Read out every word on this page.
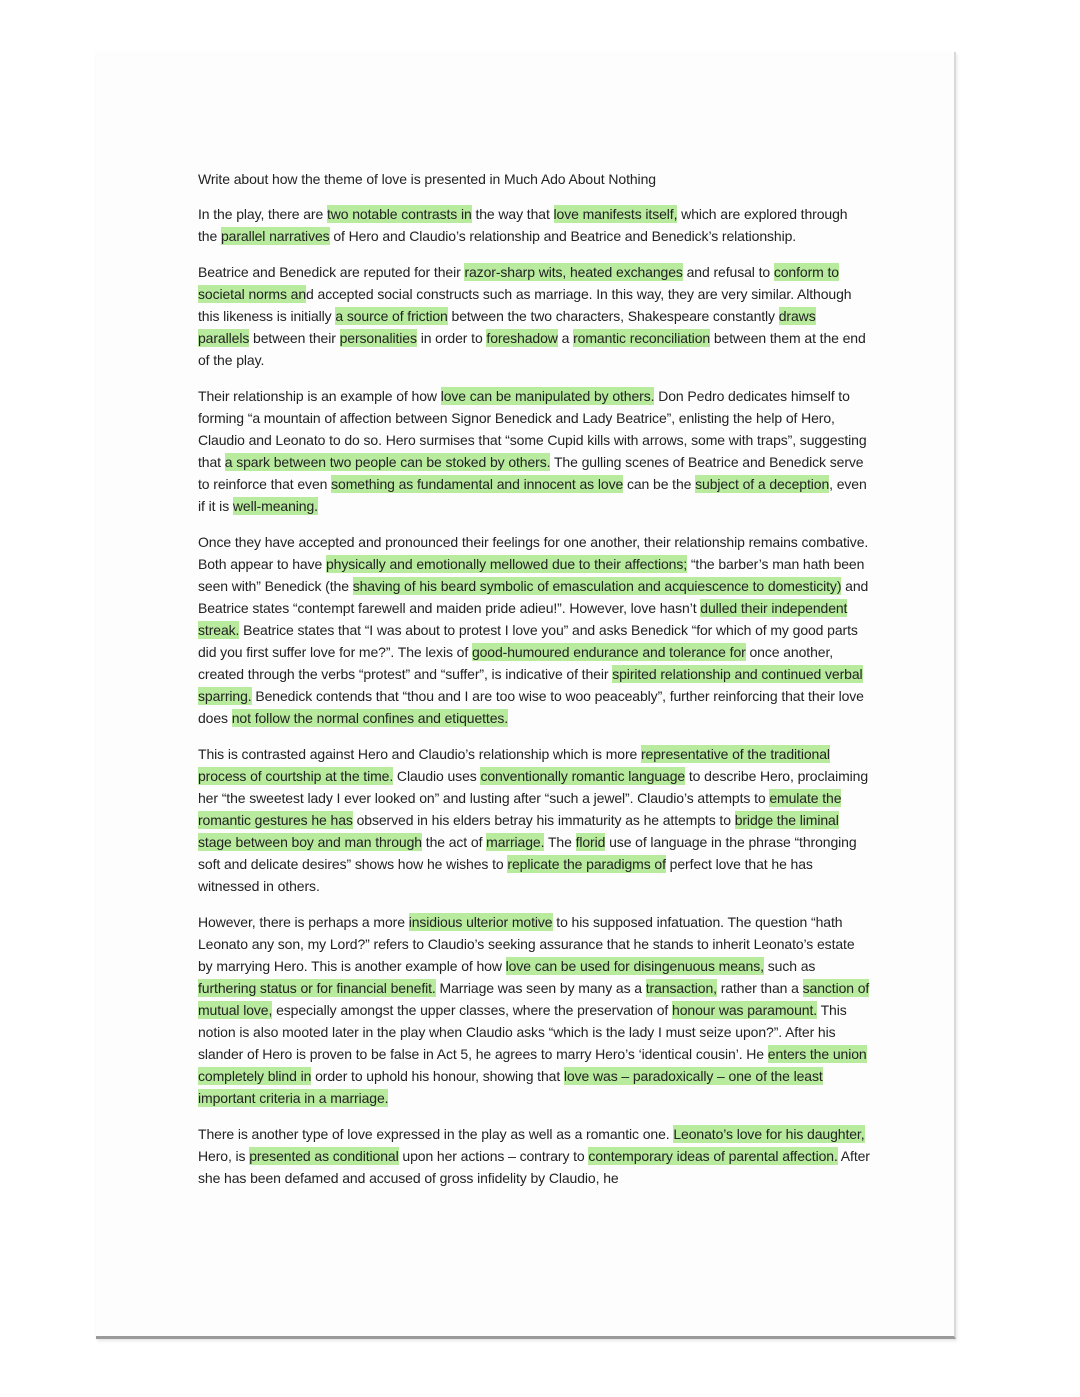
Write about how the theme of love is presented in Much Ado About Nothing

In the play, there are two notable contrasts in the way that love manifests itself, which are explored through the parallel narratives of Hero and Claudio’s relationship and Beatrice and Benedick’s relationship.

Beatrice and Benedick are reputed for their razor-sharp wits, heated exchanges and refusal to conform to societal norms and accepted social constructs such as marriage. In this way, they are very similar. Although this likeness is initially a source of friction between the two characters, Shakespeare constantly draws parallels between their personalities in order to foreshadow a romantic reconciliation between them at the end of the play.

Their relationship is an example of how love can be manipulated by others. Don Pedro dedicates himself to forming “a mountain of affection between Signor Benedick and Lady Beatrice”, enlisting the help of Hero, Claudio and Leonato to do so. Hero surmises that “some Cupid kills with arrows, some with traps”, suggesting that a spark between two people can be stoked by others. The gulling scenes of Beatrice and Benedick serve to reinforce that even something as fundamental and innocent as love can be the subject of a deception, even if it is well-meaning.

Once they have accepted and pronounced their feelings for one another, their relationship remains combative. Both appear to have physically and emotionally mellowed due to their affections; “the barber’s man hath been seen with” Benedick (the shaving of his beard symbolic of emasculation and acquiescence to domesticity) and Beatrice states “contempt farewell and maiden pride adieu!”. However, love hasn’t dulled their independent streak. Beatrice states that “I was about to protest I love you” and asks Benedick “for which of my good parts did you first suffer love for me?”. The lexis of good-humoured endurance and tolerance for once another, created through the verbs “protest” and “suffer”, is indicative of their spirited relationship and continued verbal sparring. Benedick contends that “thou and I are too wise to woo peaceably”, further reinforcing that their love does not follow the normal confines and etiquettes.

This is contrasted against Hero and Claudio’s relationship which is more representative of the traditional process of courtship at the time. Claudio uses conventionally romantic language to describe Hero, proclaiming her “the sweetest lady I ever looked on” and lusting after “such a jewel”. Claudio’s attempts to emulate the romantic gestures he has observed in his elders betray his immaturity as he attempts to bridge the liminal stage between boy and man through the act of marriage. The florid use of language in the phrase “thronging soft and delicate desires” shows how he wishes to replicate the paradigms of perfect love that he has witnessed in others.

However, there is perhaps a more insidious ulterior motive to his supposed infatuation. The question “hath Leonato any son, my Lord?” refers to Claudio’s seeking assurance that he stands to inherit Leonato’s estate by marrying Hero. This is another example of how love can be used for disingenuous means, such as furthering status or for financial benefit. Marriage was seen by many as a transaction, rather than a sanction of mutual love, especially amongst the upper classes, where the preservation of honour was paramount. This notion is also mooted later in the play when Claudio asks “which is the lady I must seize upon?”. After his slander of Hero is proven to be false in Act 5, he agrees to marry Hero’s ‘identical cousin’. He enters the union completely blind in order to uphold his honour, showing that love was – paradoxically – one of the least important criteria in a marriage.

There is another type of love expressed in the play as well as a romantic one. Leonato’s love for his daughter, Hero, is presented as conditional upon her actions – contrary to contemporary ideas of parental affection. After she has been defamed and accused of gross infidelity by Claudio, he
